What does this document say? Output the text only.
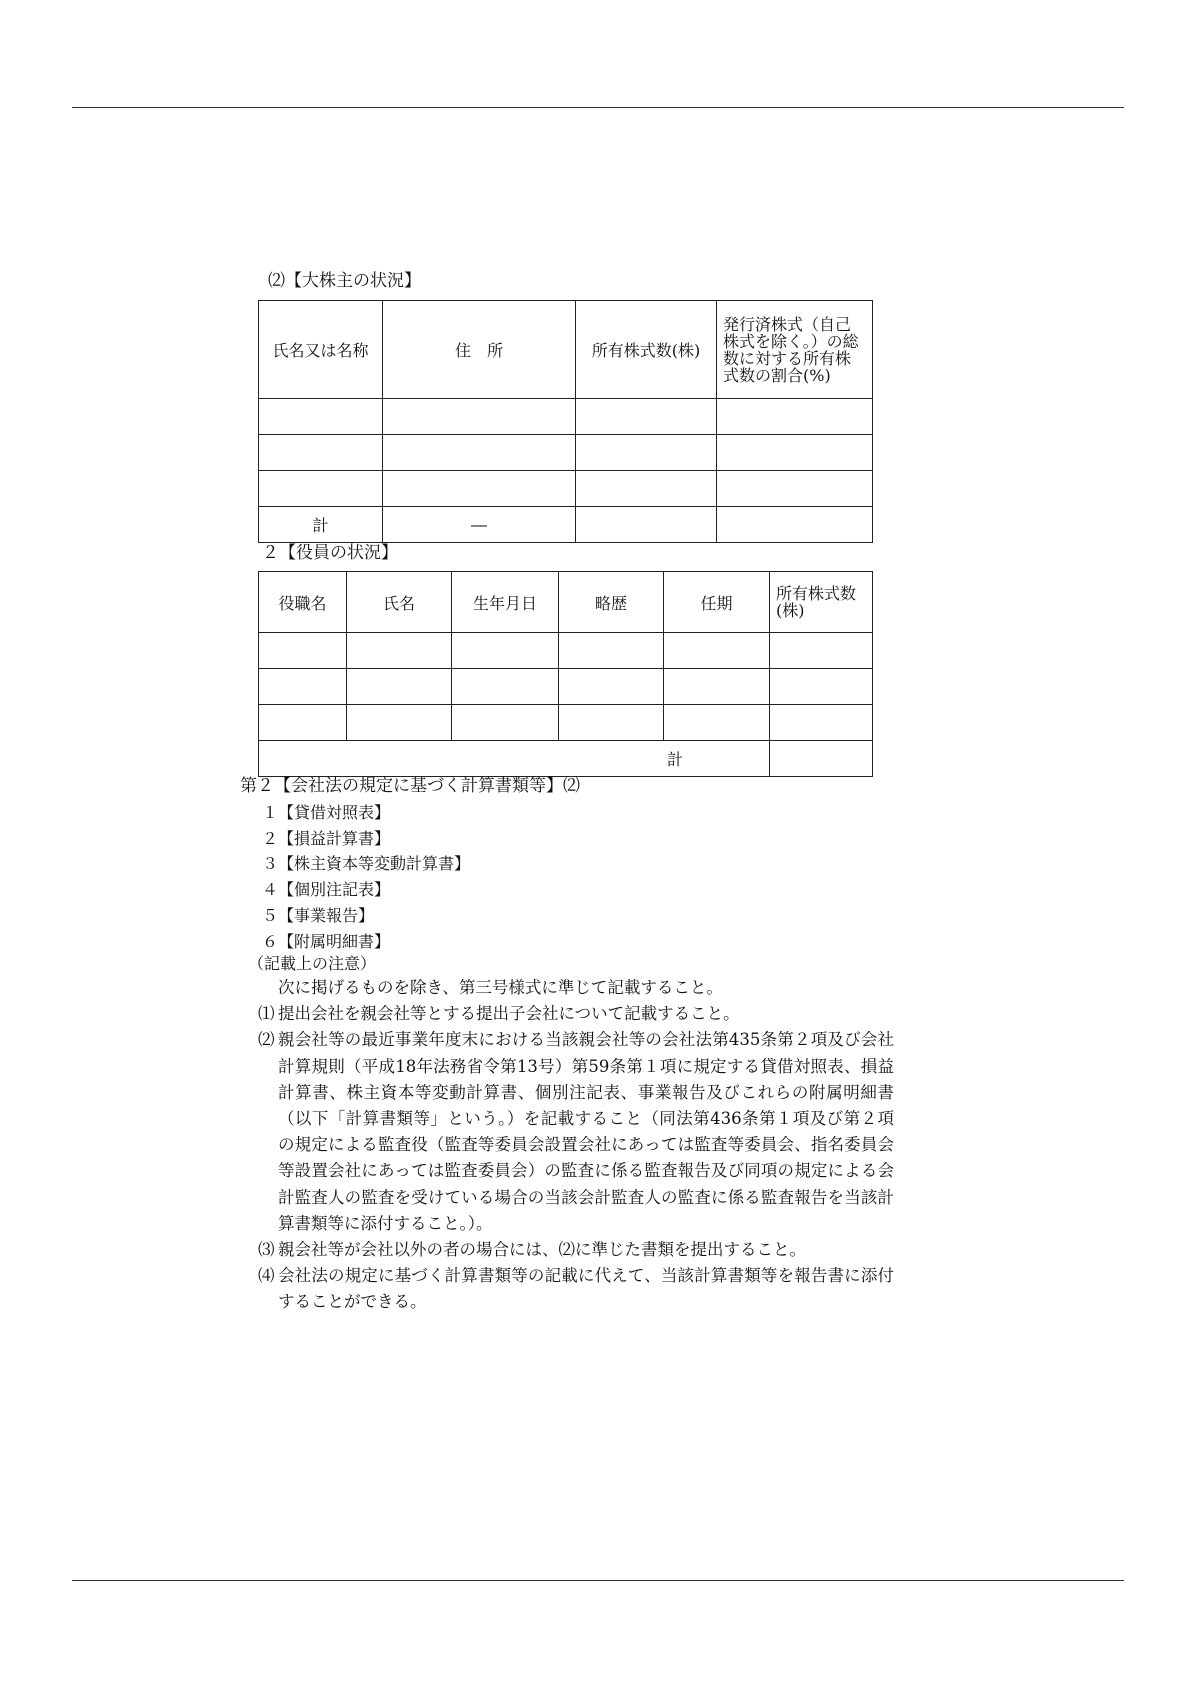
⑵【大株主の状況】
氏名又は名称	住　所	所有株式数(株)	発行済株式（自己株式を除く。）の総数に対する所有株式数の割合(%)

計	―		
２【役員の状況】
役職名	氏名	生年月日	略歴	任期	所有株式数(株)

計					
第２【会社法の規定に基づく計算書類等】⑵
１【貸借対照表】
２【損益計算書】
３【株主資本等変動計算書】
４【個別注記表】
５【事業報告】
６【附属明細書】
（記載上の注意）
次に掲げるものを除き、第三号様式に準じて記載すること。
⑴ 提出会社を親会社等とする提出子会社について記載すること。
⑵ 親会社等の最近事業年度末における当該親会社等の会社法第435条第２項及び会社計算規則（平成18年法務省令第13号）第59条第１項に規定する貸借対照表、損益計算書、株主資本等変動計算書、個別注記表、事業報告及びこれらの附属明細書（以下「計算書類等」という。）を記載すること（同法第436条第１項及び第２項の規定による監査役（監査等委員会設置会社にあっては監査等委員会、指名委員会等設置会社にあっては監査委員会）の監査に係る監査報告及び同項の規定による会計監査人の監査を受けている場合の当該会計監査人の監査に係る監査報告を当該計算書類等に添付すること。）。
⑶ 親会社等が会社以外の者の場合には、⑵に準じた書類を提出すること。
⑷ 会社法の規定に基づく計算書類等の記載に代えて、当該計算書類等を報告書に添付することができる。
